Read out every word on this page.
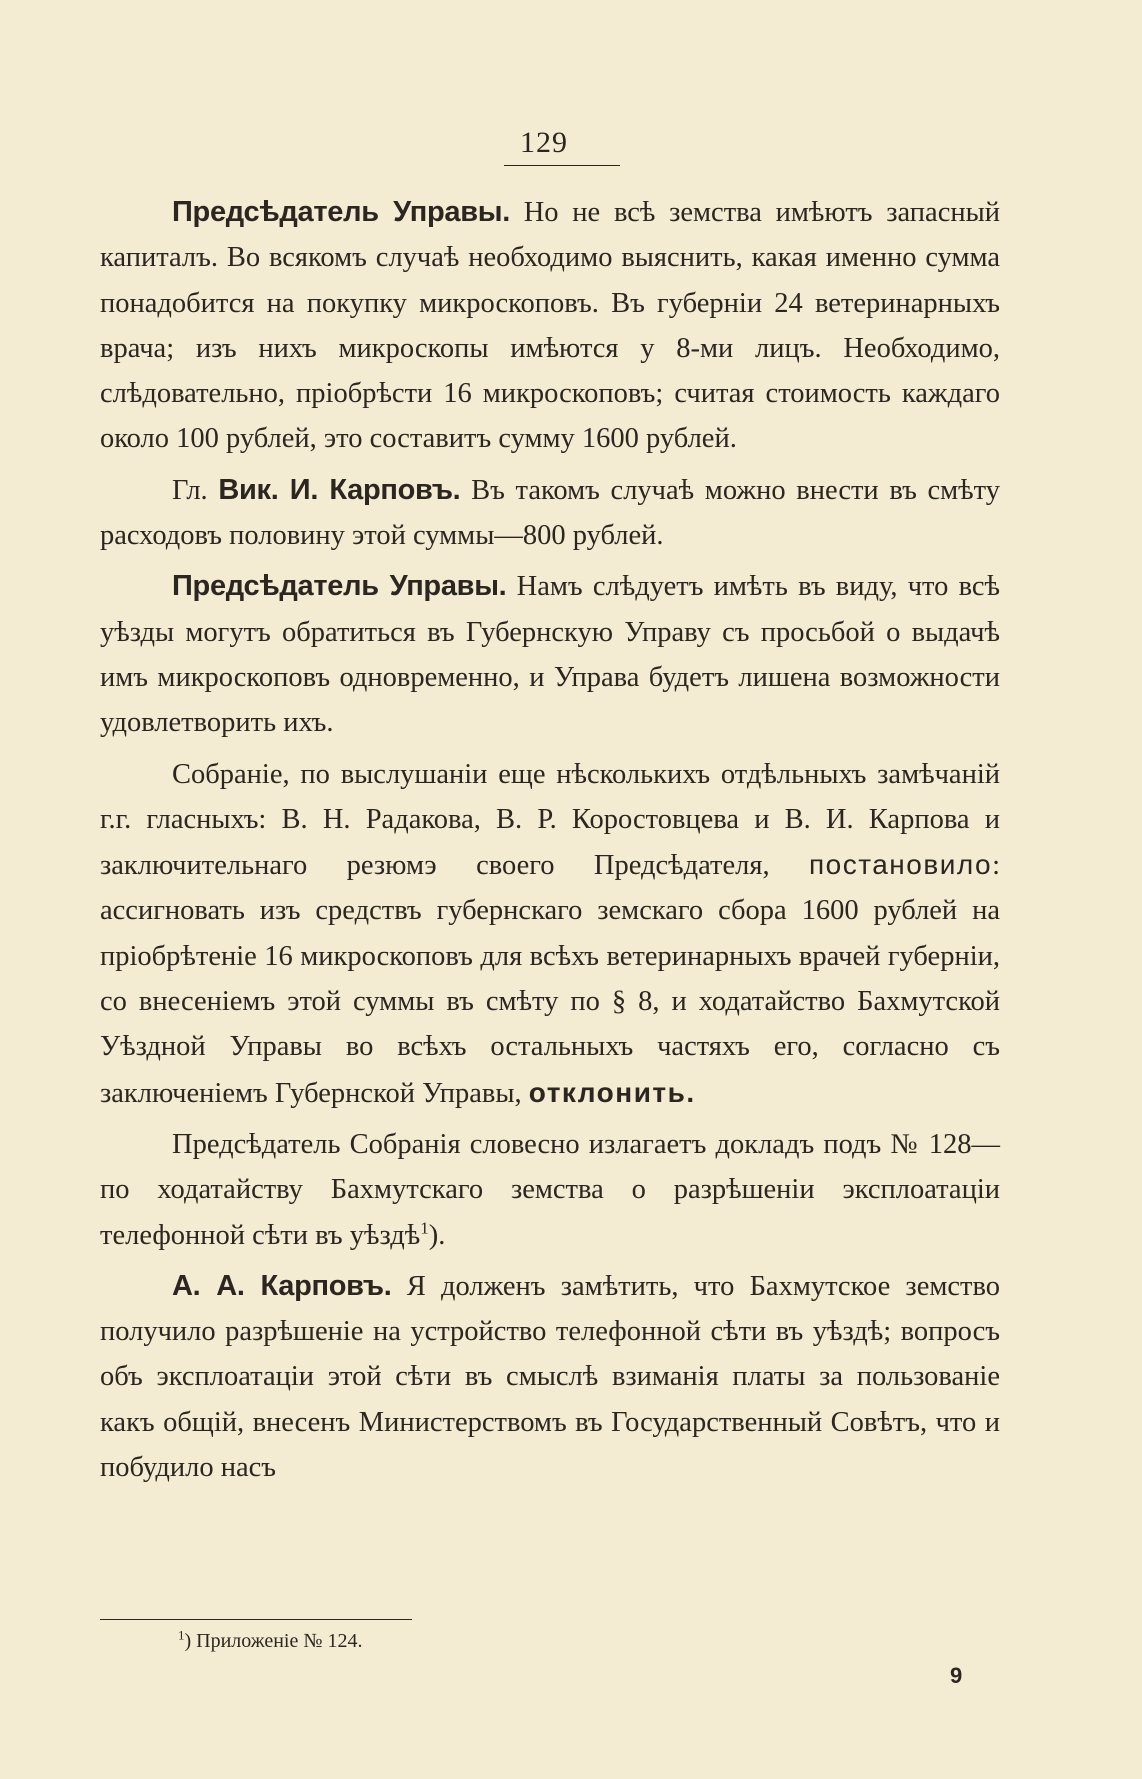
129

Предсѣдатель Управы. Но не всѣ земства имѣютъ запасный капиталъ. Во всякомъ случаѣ необходимо выяснить, какая именно сумма понадобится на покупку микроскоповъ. Въ губерніи 24 ветеринарныхъ врача; изъ нихъ микроскопы имѣются у 8-ми лицъ. Необходимо, слѣдовательно, пріобрѣсти 16 микроскоповъ; считая стоимость каждаго около 100 рублей, это составитъ сумму 1600 рублей.

Гл. Вик. И. Карповъ. Въ такомъ случаѣ можно внести въ смѣту расходовъ половину этой суммы—800 рублей.

Предсѣдатель Управы. Намъ слѣдуетъ имѣть въ виду, что всѣ уѣзды могутъ обратиться въ Губернскую Управу съ просьбой о выдачѣ имъ микроскоповъ одновременно, и Управа будетъ лишена возможности удовлетворить ихъ.

Собраніе, по выслушаніи еще нѣсколькихъ отдѣльныхъ замѣчаній г.г. гласныхъ: В. Н. Радакова, В. Р. Коростовцева и В. И. Карпова и заключительнаго резюмэ своего Предсѣдателя, постановило: ассигновать изъ средствъ губернскаго земскаго сбора 1600 рублей на пріобрѣтеніе 16 микроскоповъ для всѣхъ ветеринарныхъ врачей губерніи, со внесеніемъ этой суммы въ смѣту по § 8, и ходатайство Бахмутской Уѣздной Управы во всѣхъ остальныхъ частяхъ его, согласно съ заключеніемъ Губернской Управы, отклонить.

Предсѣдатель Собранія словесно излагаетъ докладъ подъ № 128—по ходатайству Бахмутскаго земства о разрѣшеніи эксплоатаціи телефонной сѣти въ уѣздѣ$^1$).

А. А. Карповъ. Я долженъ замѣтить, что Бахмутское земство получило разрѣшеніе на устройство телефонной сѣти въ уѣздѣ; вопросъ объ эксплоатаціи этой сѣти въ смыслѣ взиманія платы за пользованіе какъ общій, внесенъ Министерствомъ въ Государственный Совѣтъ, что и побудило насъ

$^1$) Приложеніе № 124.
9
